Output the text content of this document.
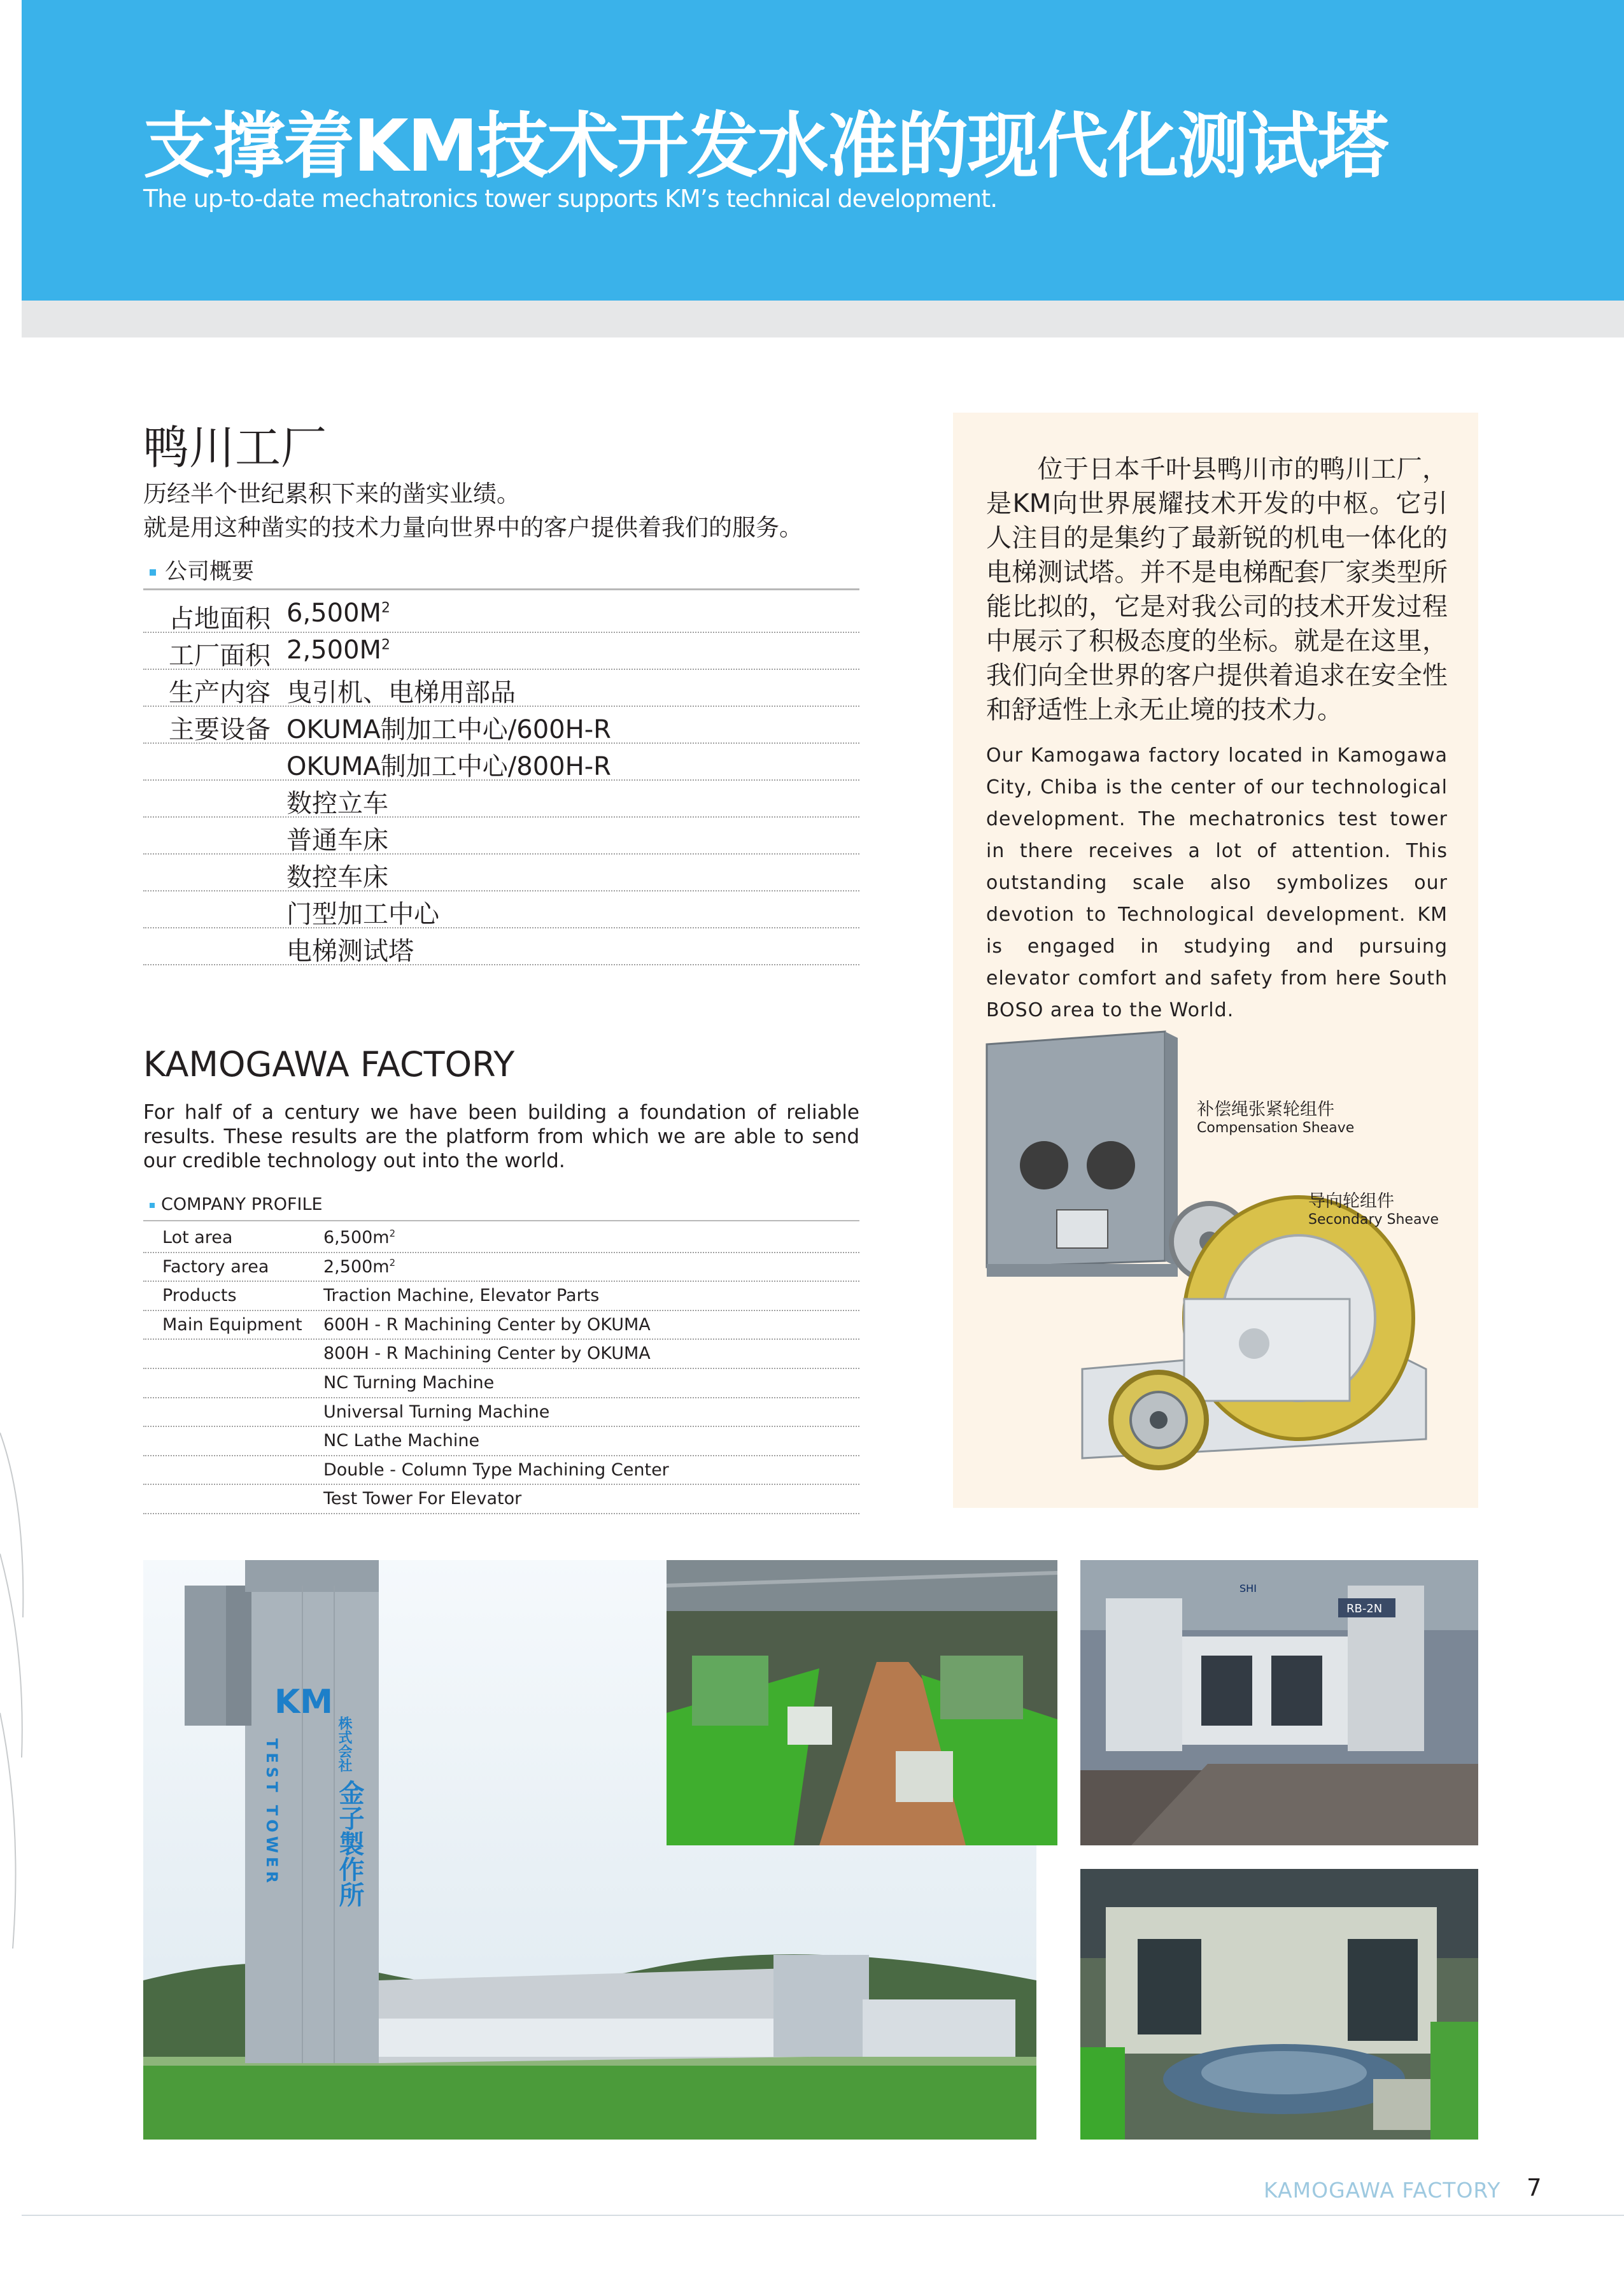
支撑着KM技术开发水准的现代化测试塔
The up-to-date mechatronics tower supports KM’s technical development.
鸭川工厂
历经半个世纪累积下来的凿实业绩。
就是用这种凿实的技术力量向世界中的客户提供着我们的服务。
公司概要
占地面积 $6,500M^2$
工厂面积 $2,500M^2$
生产内容 曳引机、电梯用部品
主要设备 OKUMA制加工中心/600H-R
OKUMA制加工中心/800H-R
数控立车
普通车床
数控车床
门型加工中心
电梯测试塔
KAMOGAWA FACTORY
For half of a century we have been building a foundation of reliable results. These results are the platform from which we are able to send our credible technology out into the world.
COMPANY PROFILE
Lot area	$6,500m^2$
Factory area	$2,500m^2$
Products	Traction Machine, Elevator Parts
Main Equipment 600H - R Machining Center by OKUMA
800H - R Machining Center by OKUMA
NC Turning Machine
Universal Turning Machine
NC Lathe Machine
Double - Column Type Machining Center
Test Tower For Elevator
　　位于日本千叶县鸭川市的鸭川工厂，是KM向世界展耀技术开发的中枢。它引人注目的是集约了最新锐的机电一体化的电梯测试塔。并不是电梯配套厂家类型所能比拟的，它是对我公司的技术开发过程中展示了积极态度的坐标。就是在这里，我们向全世界的客户提供着追求在安全性和舒适性上永无止境的技术力。
Our Kamogawa factory located in Kamogawa City, Chiba is the center of our technological development. The mechatronics test tower in there receives a lot of attention. This outstanding scale also symbolizes our devotion to Technological development. KM is engaged in studying and pursuing elevator comfort and safety from here South BOSO area to the World.
补偿绳张紧轮组件
Compensation Sheave
导向轮组件
Secondary Sheave
KM
TEST TOWER	株式会社
金子製作所
RB-2N
SHI
KAMOGAWA FACTORY 7
